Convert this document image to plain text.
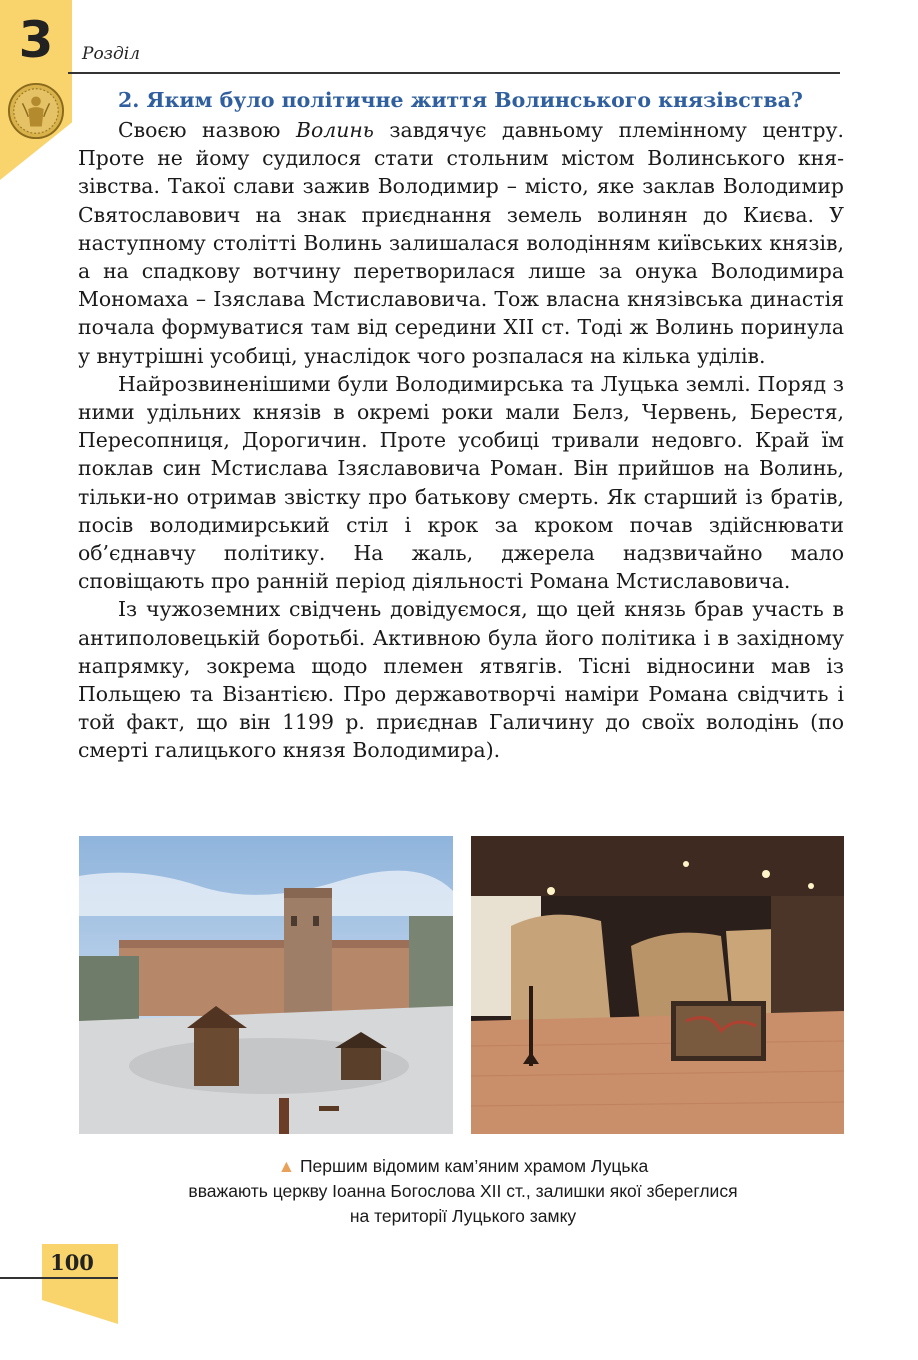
3	Розділ
2. Яким було політичне життя Волинського князівства?

Своєю назвою Волинь завдячує давньому племінному центру. Проте не йому судилося стати стольним містом Волинського князівства. Такої слави зажив Володимир – місто, яке заклав Володимир Святославович на знак приєднання земель волинян до Києва. У наступному столітті Волинь залишалася володінням київських князів, а на спадкову вотчину перетворилася лише за онука Володимира Мономаха – Ізяслава Мстиславовича. Тож власна князівська династія почала формуватися там від середини XII ст. Тоді ж Волинь поринула у внутрішні усобиці, унаслідок чого розпалася на кілька уділів.

Найрозвиненішими були Володимирська та Луцька землі. Поряд з ними удільних князів в окремі роки мали Белз, Червень, Берестя, Пересопниця, Дорогичин. Проте усобиці тривали недовго. Край їм поклав син Мстислава Ізяславовича Роман. Він прийшов на Волинь, тільки-но отримав звістку про батькову смерть. Як старший із братів, посів володимирський стіл і крок за кроком почав здійснювати об’єднавчу політику. На жаль, джерела надзвичайно мало сповіщають про ранній період діяльності Романа Мстиславовича.

Із чужоземних свідчень довідуємося, що цей князь брав участь в антиполовецькій боротьбі. Активною була його політика і в західному напрямку, зокрема щодо племен ятвягів. Тісні відносини мав із Польщею та Візантією. Про державотворчі наміри Романа свідчить і той факт, що він 1199 р. приєднав Галичину до своїх володінь (по смерті галицького князя Володимира).

▲ Першим відомим кам’яним храмом Луцька
вважають церкву Іоанна Богослова XII ст., залишки якої збереглися
на території Луцького замку
100
